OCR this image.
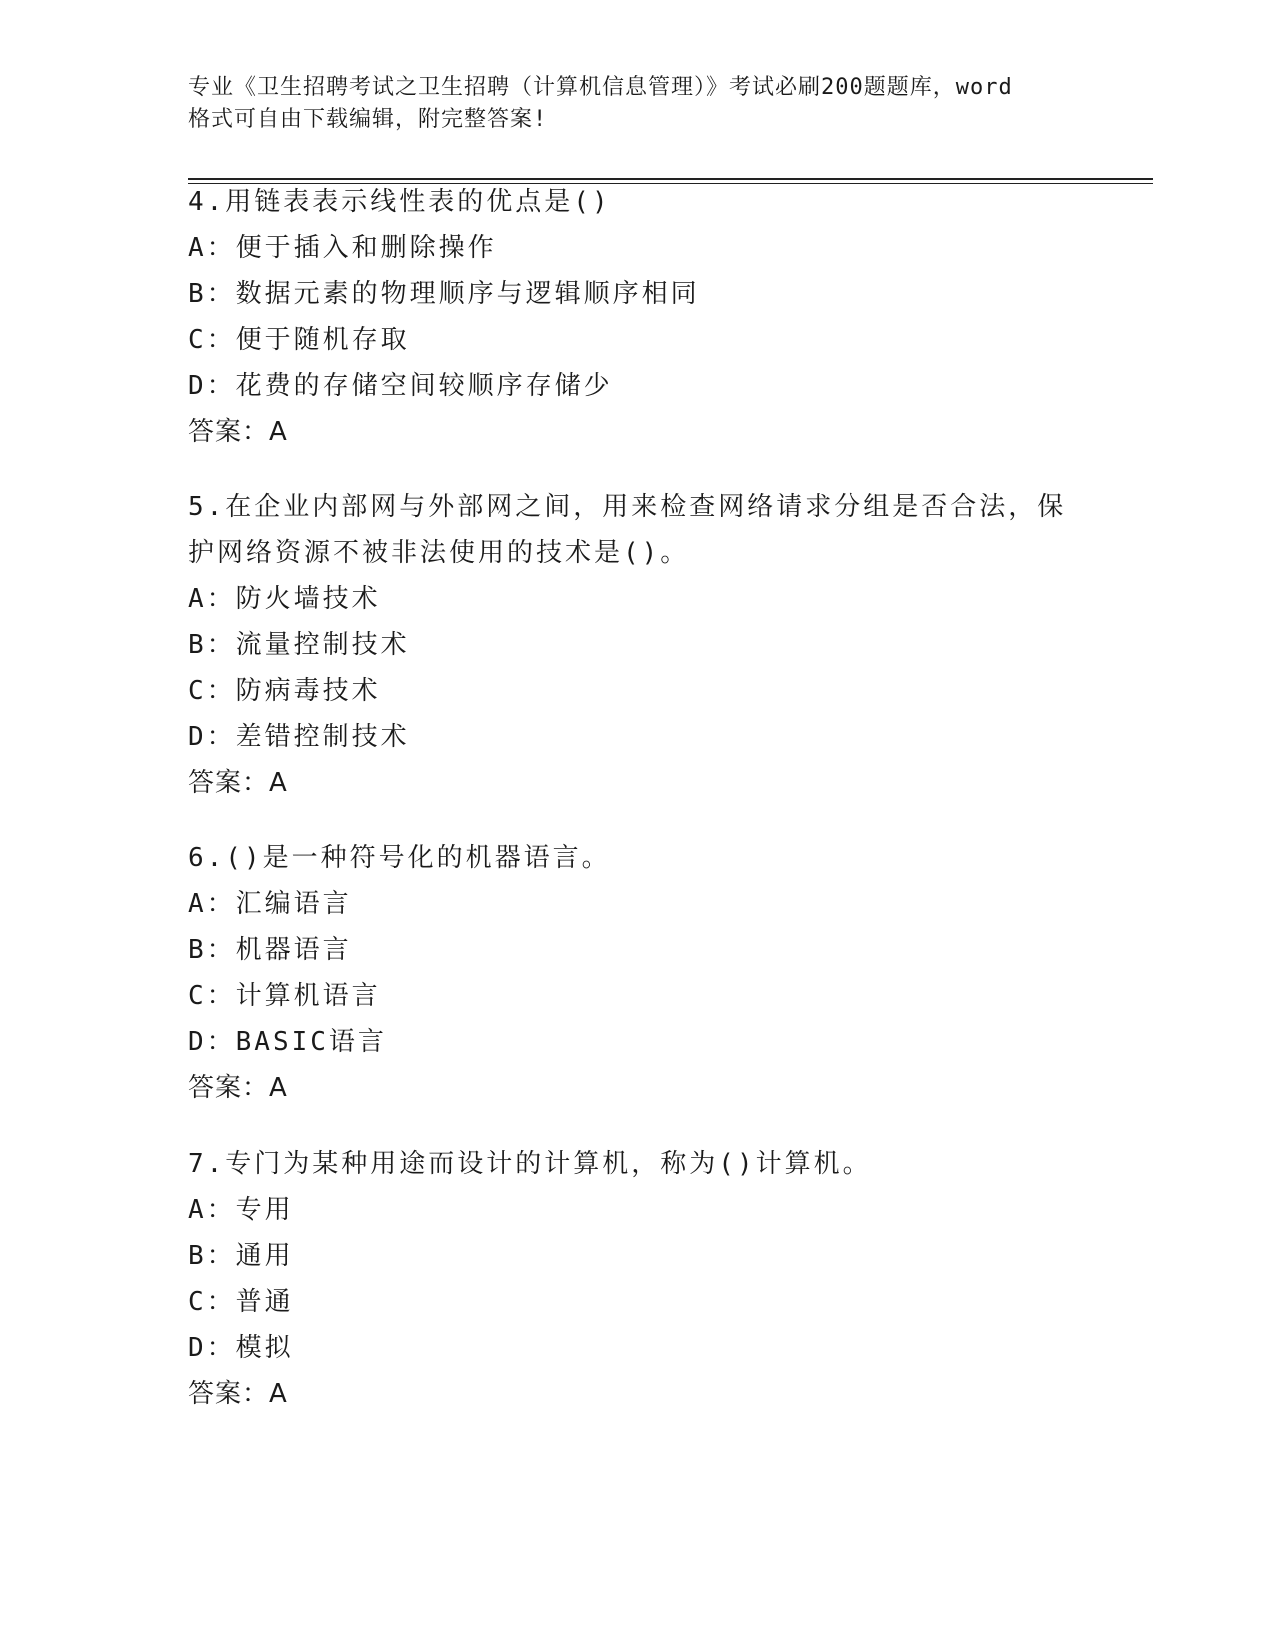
专业《卫生招聘考试之卫生招聘（计算机信息管理）》考试必刷200题题库，word
格式可自由下载编辑，附完整答案!
4.用链表表示线性表的优点是()
A：便于插入和删除操作
B：数据元素的物理顺序与逻辑顺序相同
C：便于随机存取
D：花费的存储空间较顺序存储少
答案：A
5.在企业内部网与外部网之间，用来检查网络请求分组是否合法，保
护网络资源不被非法使用的技术是()。
A：防火墙技术
B：流量控制技术
C：防病毒技术
D：差错控制技术
答案：A
6.()是一种符号化的机器语言。
A：汇编语言
B：机器语言
C：计算机语言
D：BASIC语言
答案：A
7.专门为某种用途而设计的计算机，称为()计算机。
A：专用
B：通用
C：普通
D：模拟
答案：A
